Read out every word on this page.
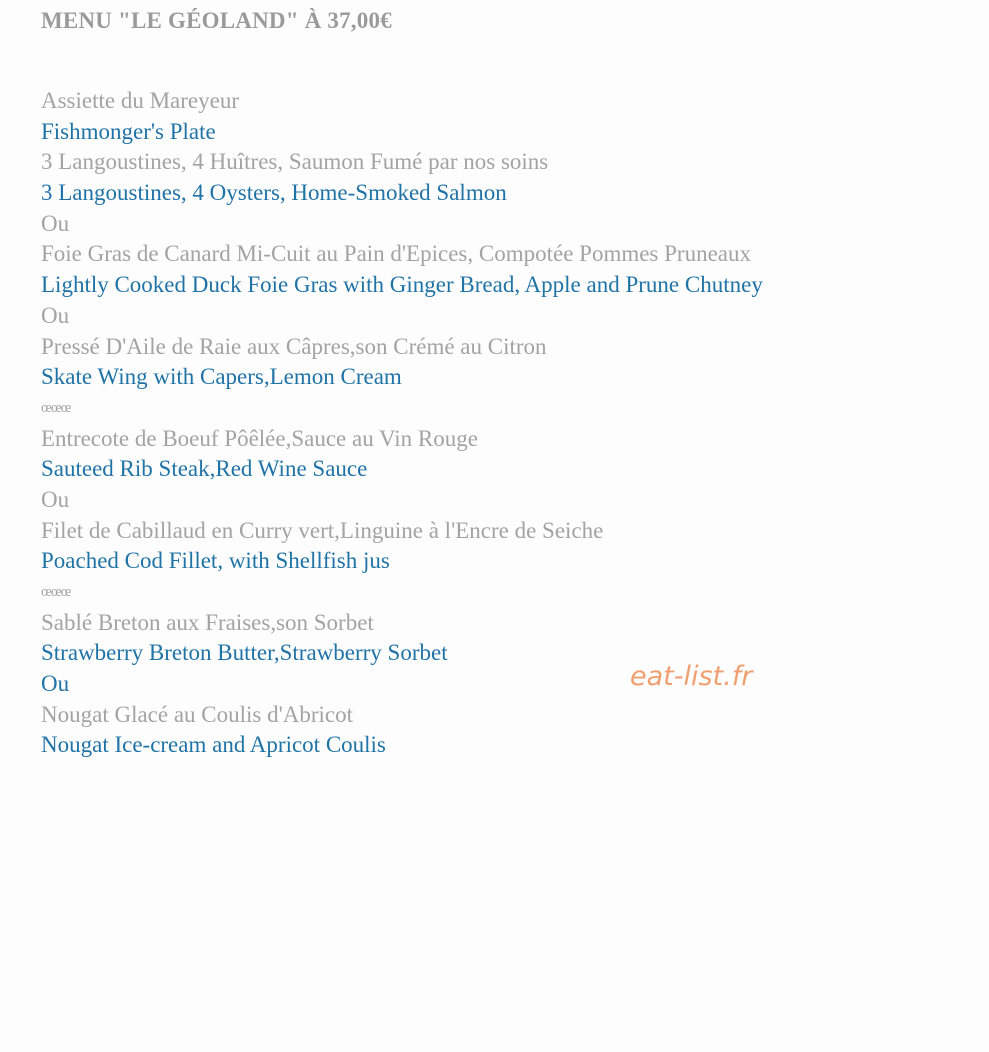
MENU "LE GÉOLAND" À 37,00€
Assiette du Mareyeur
Fishmonger's Plate
3 Langoustines, 4 Huîtres, Saumon Fumé par nos soins
3 Langoustines, 4 Oysters, Home-Smoked Salmon
Ou
Foie Gras de Canard Mi-Cuit au Pain d'Epices, Compotée Pommes Pruneaux
Lightly Cooked Duck Foie Gras with Ginger Bread, Apple and Prune Chutney
Ou
Pressé D'Aile de Raie aux Câpres,son Crémé au Citron
Skate Wing with Capers,Lemon Cream
œœœ
Entrecote de Boeuf Pôêlée,Sauce au Vin Rouge
Sauteed Rib Steak,Red Wine Sauce
Ou
Filet de Cabillaud en Curry vert,Linguine à l'Encre de Seiche
Poached Cod Fillet, with Shellfish jus
œœœ
Sablé Breton aux Fraises,son Sorbet
Strawberry Breton Butter,Strawberry Sorbet
Ou
Nougat Glacé au Coulis d'Abricot
Nougat Ice-cream and Apricot Coulis
eat-list.fr
